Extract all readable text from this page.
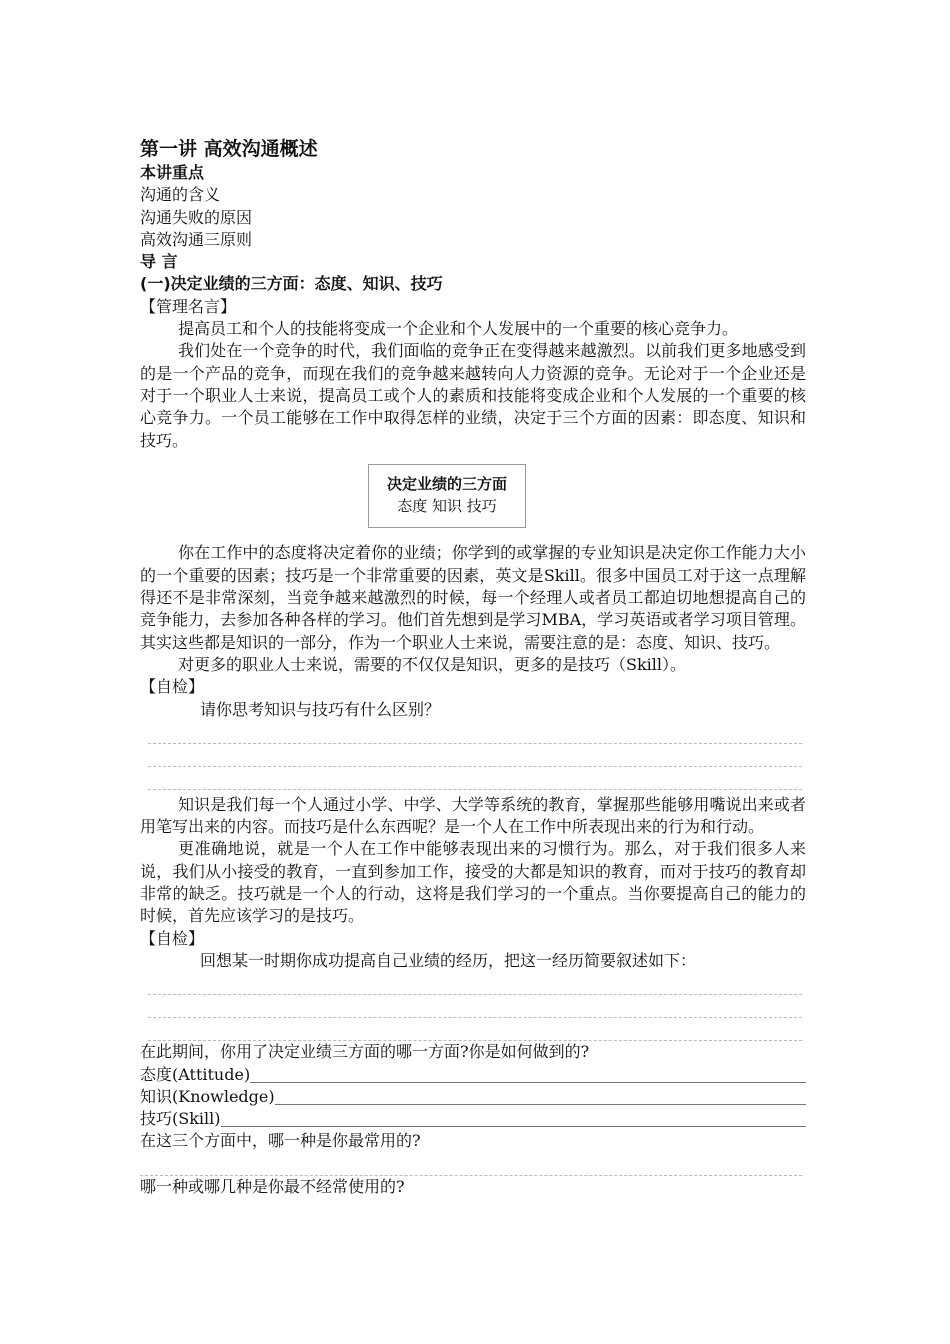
第一讲 高效沟通概述

本讲重点

沟通的含义

沟通失败的原因

高效沟通三原则

导 言

(一)决定业绩的三方面：态度、知识、技巧

【管理名言】

提高员工和个人的技能将变成一个企业和个人发展中的一个重要的核心竞争力。

我们处在一个竞争的时代，我们面临的竞争正在变得越来越激烈。以前我们更多地感受到的是一个产品的竞争，而现在我们的竞争越来越转向人力资源的竞争。无论对于一个企业还是对于一个职业人士来说，提高员工或个人的素质和技能将变成企业和个人发展的一个重要的核心竞争力。一个员工能够在工作中取得怎样的业绩，决定于三个方面的因素：即态度、知识和技巧。

决定业绩的三方面
态度 知识 技巧

你在工作中的态度将决定着你的业绩；你学到的或掌握的专业知识是决定你工作能力大小的一个重要的因素；技巧是一个非常重要的因素，英文是Skill。很多中国员工对于这一点理解得还不是非常深刻，当竞争越来越激烈的时候，每一个经理人或者员工都迫切地想提高自己的竞争能力，去参加各种各样的学习。他们首先想到是学习MBA，学习英语或者学习项目管理。其实这些都是知识的一部分，作为一个职业人士来说，需要注意的是：态度、知识、技巧。

对更多的职业人士来说，需要的不仅仅是知识，更多的是技巧（Skill）。

【自检】

请你思考知识与技巧有什么区别？

知识是我们每一个人通过小学、中学、大学等系统的教育，掌握那些能够用嘴说出来或者用笔写出来的内容。而技巧是什么东西呢？是一个人在工作中所表现出来的行为和行动。

更准确地说，就是一个人在工作中能够表现出来的习惯行为。那么，对于我们很多人来说，我们从小接受的教育，一直到参加工作，接受的大都是知识的教育，而对于技巧的教育却非常的缺乏。技巧就是一个人的行动，这将是我们学习的一个重点。当你要提高自己的能力的时候，首先应该学习的是技巧。

【自检】

回想某一时期你成功提高自己业绩的经历，把这一经历简要叙述如下：

在此期间，你用了决定业绩三方面的哪一方面?你是如何做到的?

态度(Attitude)
知识(Knowledge)
技巧(Skill)

在这三个方面中，哪一种是你最常用的?

哪一种或哪几种是你最不经常使用的?
